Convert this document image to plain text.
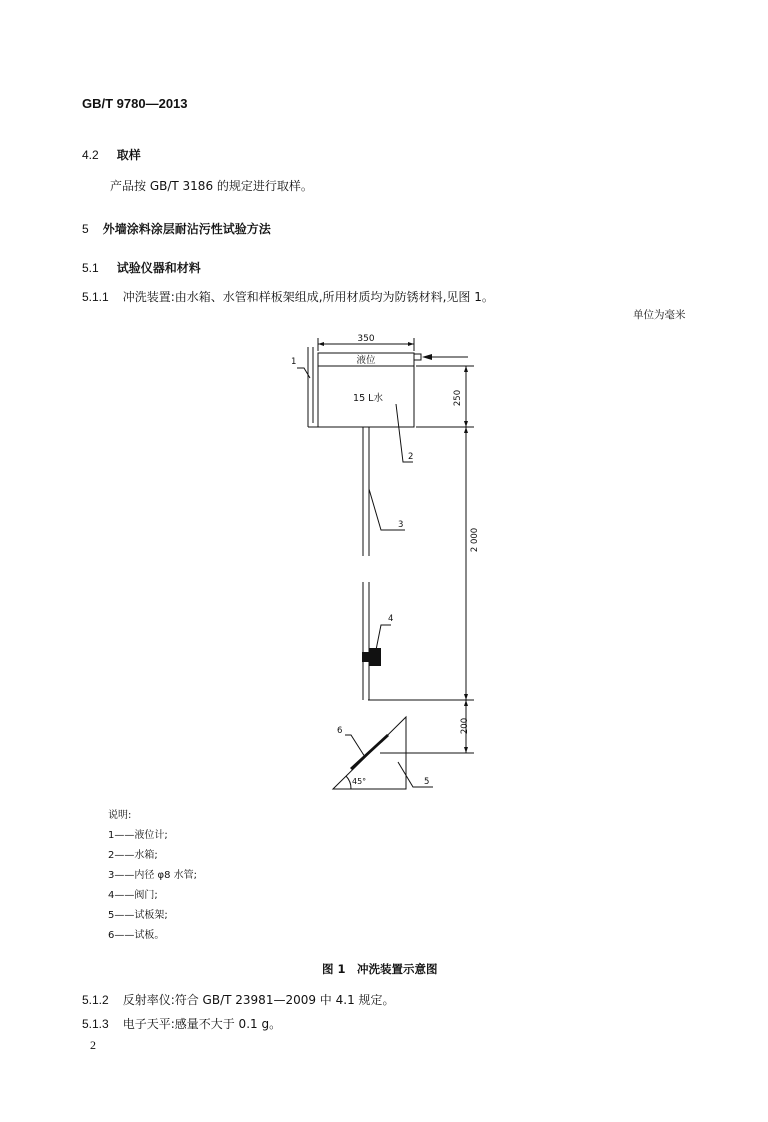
GB/T 9780—2013
4.2 取样
产品按 GB/T 3186 的规定进行取样。
5 外墙涂料涂层耐沾污性试验方法
5.1 试验仪器和材料
5.1.1 冲洗装置:由水箱、水管和样板架组成,所用材质均为防锈材料,见图 1。
单位为毫米
350
液位
15 L水	250
2 000
200
45°
1
2
3
4
5
6
说明:
1——液位计;
2——水箱;
3——内径 φ8 水管;
4——阀门;
5——试板架;
6——试板。
图 1　冲洗装置示意图
5.1.2 反射率仪:符合 GB/T 23981—2009 中 4.1 规定。
5.1.3 电子天平:感量不大于 0.1 g。
2
